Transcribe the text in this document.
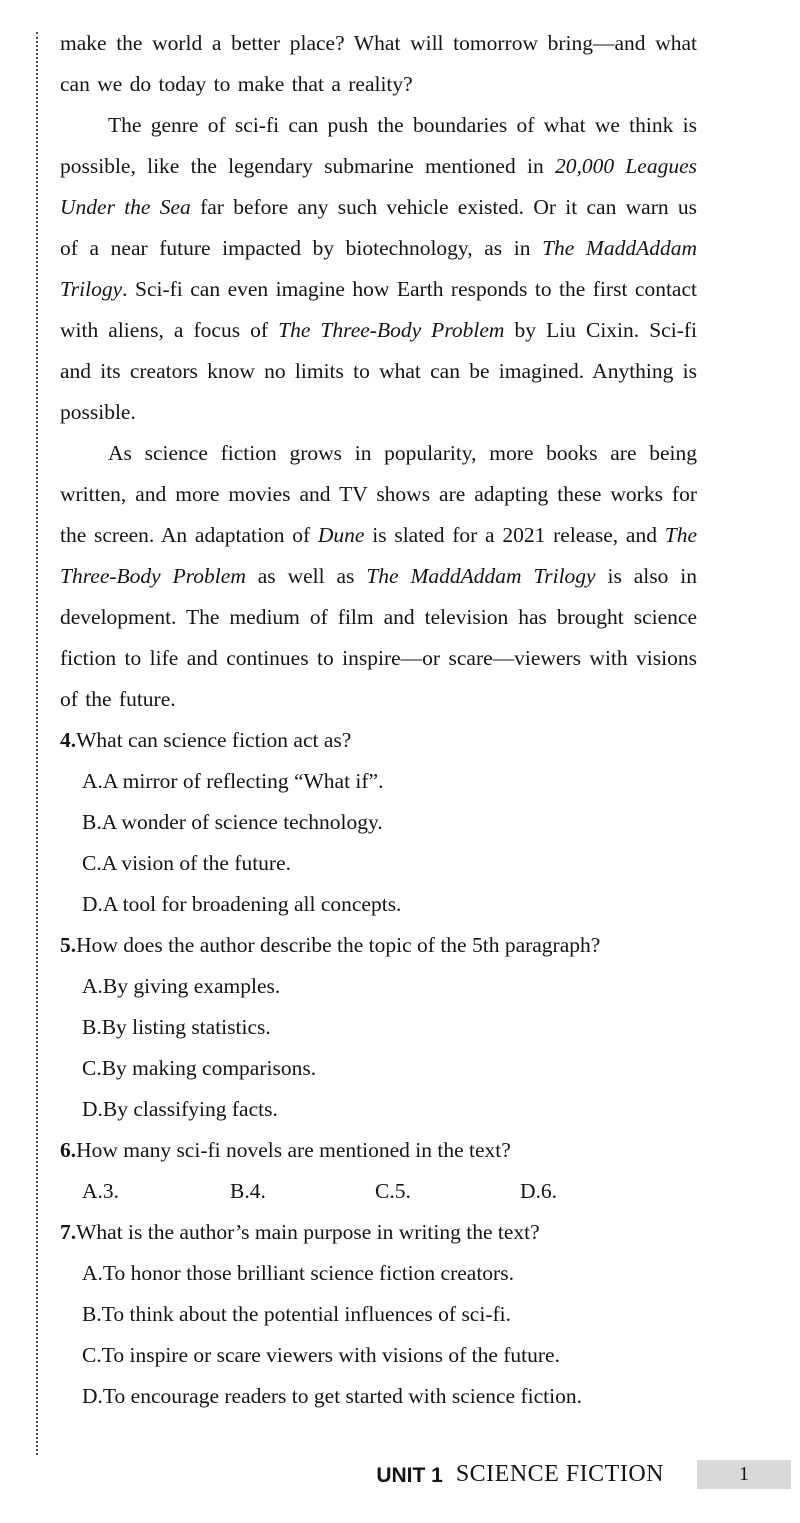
make the world a better place? What will tomorrow bring—and what can we do today to make that a reality?
The genre of sci-fi can push the boundaries of what we think is possible, like the legendary submarine mentioned in 20,000 Leagues Under the Sea far before any such vehicle existed. Or it can warn us of a near future impacted by biotechnology, as in The MaddAddam Trilogy. Sci-fi can even imagine how Earth responds to the first contact with aliens, a focus of The Three-Body Problem by Liu Cixin. Sci-fi and its creators know no limits to what can be imagined. Anything is possible.
As science fiction grows in popularity, more books are being written, and more movies and TV shows are adapting these works for the screen. An adaptation of Dune is slated for a 2021 release, and The Three-Body Problem as well as The MaddAddam Trilogy is also in development. The medium of film and television has brought science fiction to life and continues to inspire—or scare—viewers with visions of the future.
4.What can science fiction act as?
A.A mirror of reflecting “What if”.
B.A wonder of science technology.
C.A vision of the future.
D.A tool for broadening all concepts.
5.How does the author describe the topic of the 5th paragraph?
A.By giving examples.
B.By listing statistics.
C.By making comparisons.
D.By classifying facts.
6.How many sci-fi novels are mentioned in the text?
A.3.	B.4.	C.5.	D.6.
7.What is the author’s main purpose in writing the text?
A.To honor those brilliant science fiction creators.
B.To think about the potential influences of sci-fi.
C.To inspire or scare viewers with visions of the future.
D.To encourage readers to get started with science fiction.
UNIT 1 SCIENCE FICTION	1
